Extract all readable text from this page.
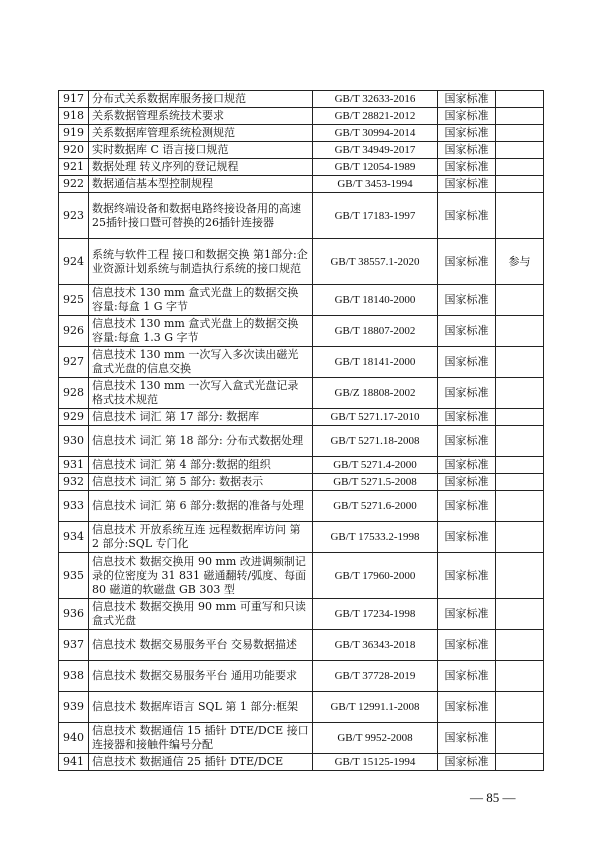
917	分布式关系数据库服务接口规范	GB/T 32633-2016	国家标准	
918	关系数据管理系统技术要求	GB/T 28821-2012	国家标准	
919	关系数据库管理系统检测规范	GB/T 30994-2014	国家标准	
920	实时数据库 C 语言接口规范	GB/T 34949-2017	国家标准	
921	数据处理 转义序列的登记规程	GB/T 12054-1989	国家标准	
922	数据通信基本型控制规程	GB/T 3453-1994	国家标准	
923	数据终端设备和数据电路终接设备用的高速25插针接口暨可替换的26插针连接器	GB/T 17183-1997	国家标准	
924	系统与软件工程 接口和数据交换 第1部分:企业资源计划系统与制造执行系统的接口规范	GB/T 38557.1-2020	国家标准	参与
925	信息技术 130 mm 盒式光盘上的数据交换 容量:每盒 1 G 字节	GB/T 18140-2000	国家标准	
926	信息技术 130 mm 盒式光盘上的数据交换容量:每盒 1.3 G 字节	GB/T 18807-2002	国家标准	
927	信息技术 130 mm 一次写入多次读出磁光盒式光盘的信息交换	GB/T 18141-2000	国家标准	
928	信息技术 130 mm 一次写入盒式光盘记录格式技术规范	GB/Z 18808-2002	国家标准	
929	信息技术 词汇 第 17 部分: 数据库	GB/T 5271.17-2010	国家标准	
930	信息技术 词汇 第 18 部分: 分布式数据处理	GB/T 5271.18-2008	国家标准	
931	信息技术 词汇 第 4 部分:数据的组织	GB/T 5271.4-2000	国家标准	
932	信息技术 词汇 第 5 部分: 数据表示	GB/T 5271.5-2008	国家标准	
933	信息技术 词汇 第 6 部分:数据的准备与处理	GB/T 5271.6-2000	国家标准	
934	信息技术 开放系统互连 远程数据库访问 第 2 部分:SQL 专门化	GB/T 17533.2-1998	国家标准	
935	信息技术 数据交换用 90 mm 改进调频制记录的位密度为 31 831 磁通翻转/弧度、每面 80 磁道的软磁盘 GB 303 型	GB/T 17960-2000	国家标准	
936	信息技术 数据交换用 90 mm 可重写和只读盒式光盘	GB/T 17234-1998	国家标准	
937	信息技术 数据交易服务平台 交易数据描述	GB/T 36343-2018	国家标准	
938	信息技术 数据交易服务平台 通用功能要求	GB/T 37728-2019	国家标准	
939	信息技术 数据库语言 SQL 第 1 部分:框架	GB/T 12991.1-2008	国家标准	
940	信息技术 数据通信 15 插针 DTE/DCE 接口连接器和接触件编号分配	GB/T 9952-2008	国家标准	
941	信息技术 数据通信 25 插针 DTE/DCE	GB/T 15125-1994	国家标准	
— 85 —
